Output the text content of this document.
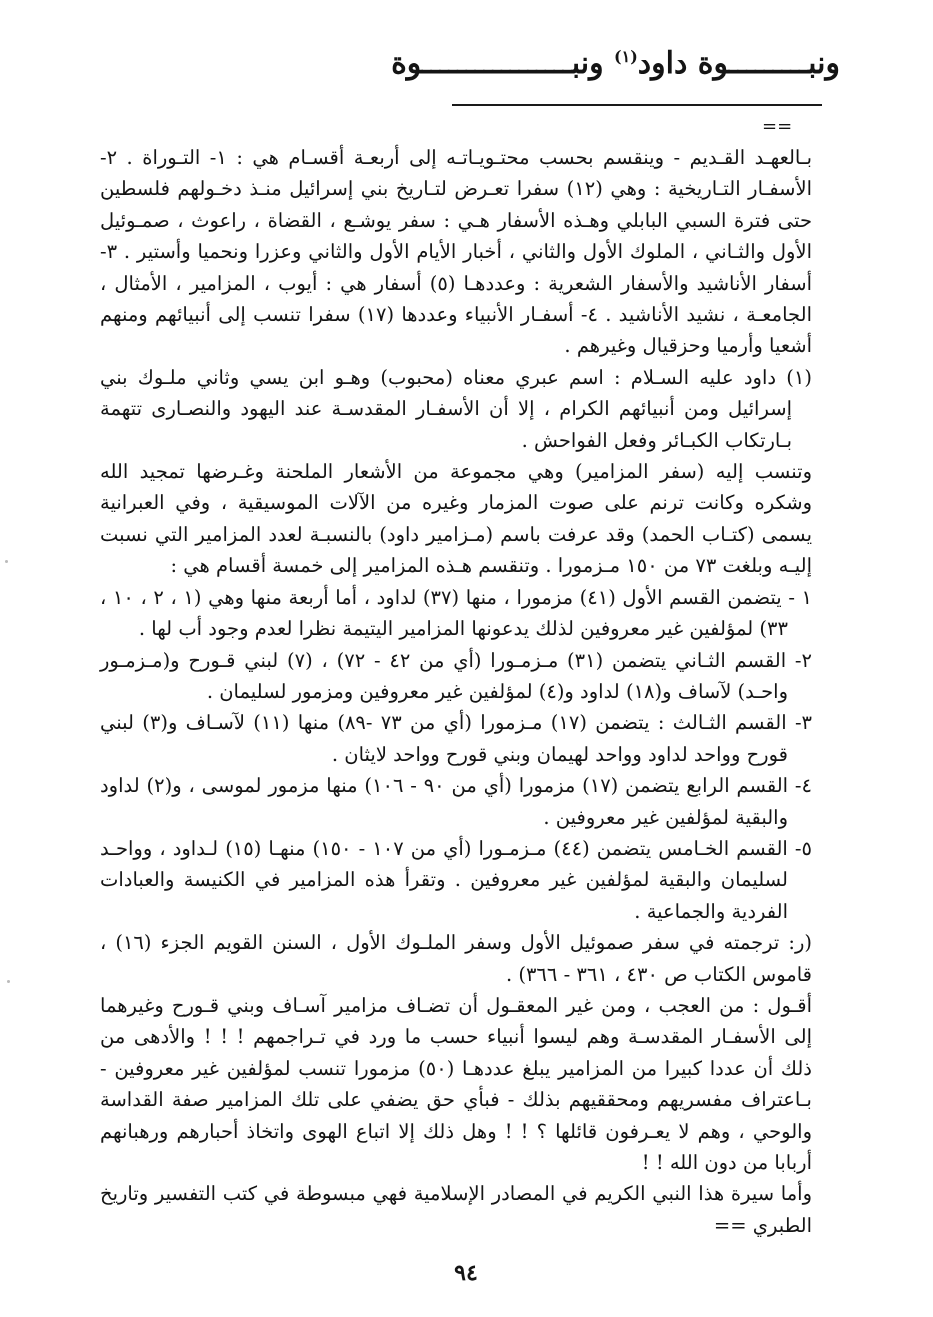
ونبـــــــــوة داود$^{(١)}$ ونبـــــــــــــــــوة
==

بـالعهـد القـديم - وينقسم بحسب محتـويـاتـه إلى أربعـة أقسـام هي : ١- التـوراة . ٢- الأسفـار التـاريخية : وهي (١٢) سفرا تعـرض لتـاريخ بني إسرائيل منـذ دخـولهم فلسطين حتى فترة السبي البابلي وهـذه الأسفار هـي : سفر يوشـع ، القضاة ، راعوث ، صمـوئيل الأول والثـاني ، الملوك الأول والثاني ، أخبار الأيام الأول والثاني وعزرا ونحميا وأستير . ٣- أسفار الأناشيد والأسفار الشعرية : وعددهـا (٥) أسفار هي : أيوب ، المزامير ، الأمثال ، الجامعـة ، نشيد الأناشيد . ٤- أسفـار الأنبياء وعددها (١٧) سفرا تنسب إلى أنبيائهم ومنهم أشعيا وأرميا وحزقيال وغيرهم .

(١) داود عليه السـلام : اسم عبري معناه (محبوب) وهـو ابن يسي وثاني ملـوك بني إسرائيل ومن أنبيائهم الكرام ، إلا أن الأسفـار المقدسـة عند اليهود والنصـارى تتهمة بـارتكاب الكبـائر وفعل الفواحش .

وتنسب إليه (سفر المزامير) وهي مجموعة من الأشعار الملحنة وغـرضها تمجيد الله وشكره وكانت ترنم على صوت المزمار وغيره من الآلات الموسيقية ، وفي العبرانية يسمى (كتـاب الحمد) وقد عرفت باسم (مـزامير داود) بالنسبـة لعدد المزامير التي نسبت إليـه وبلغت ٧٣ من ١٥٠ مـزمورا . وتنقسم هـذه المزامير إلى خمسة أقسام هي :

١ - يتضمن القسم الأول (٤١) مزمورا ، منها (٣٧) لداود ، أما أربعة منها وهي (١ ، ٢ ، ١٠ ، ٣٣) لمؤلفين غير معروفين لذلك يدعونها المزامير اليتيمة نظرا لعدم وجود أب لها .

٢- القسم الثـاني يتضمن (٣١) مـزمـورا (أي من ٤٢ - ٧٢) ، (٧) لبني قـورح و(مـزمـور واحـد) لآساف و(١٨) لداود و(٤) لمؤلفين غير معروفين ومزمور لسليمان .

٣- القسم الثـالث : يتضمن (١٧) مـزمورا (أي من ٧٣ -٨٩) منها (١١) لآسـاف و(٣) لبني قورح وواحد لداود وواحد لهيمان وبني قورح وواحد لايثان .

٤- القسم الرابع يتضمن (١٧) مزمورا (أي من ٩٠ - ١٠٦) منها مزمور لموسى ، و(٢) لداود والبقية لمؤلفين غير معروفين .

٥- القسم الخـامس يتضمن (٤٤) مـزمـورا (أي من ١٠٧ - ١٥٠) منهـا (١٥) لـداود ، وواحـد لسليمان والبقية لمؤلفين غير معروفين . وتقرأ هذه المزامير في الكنيسة والعبادات الفردية والجماعية .

(ر: ترجمته في سفر صموئيل الأول وسفر الملـوك الأول ، السنن القويم الجزء (١٦) ، قاموس الكتاب ص ٤٣٠ ، ٣٦١ - ٣٦٦) .

أقـول : من العجب ، ومن غير المعقـول أن تضـاف مزامير آسـاف وبني قـورح وغيرهما إلى الأسفـار المقدسـة وهم ليسوا أنبياء حسب ما ورد في تـراجمهم ! ! ! والأدهى من ذلك أن عددا كبيرا من المزامير يبلغ عددهـا (٥٠) مزمورا تنسب لمؤلفين غير معروفين - بـاعتراف مفسريهم ومحققيهم بذلك - فبأي حق يضفي على تلك المزامير صفة القداسة والوحي ، وهم لا يعـرفون قائلها ؟ ! ! وهل ذلك إلا اتباع الهوى واتخاذ أحبارهم ورهبانهم أربابا من دون الله ! !

وأما سيرة هذا النبي الكريم في المصادر الإسلامية فهي مبسوطة في كتب التفسير وتاريخ الطبري ==

٩٤
